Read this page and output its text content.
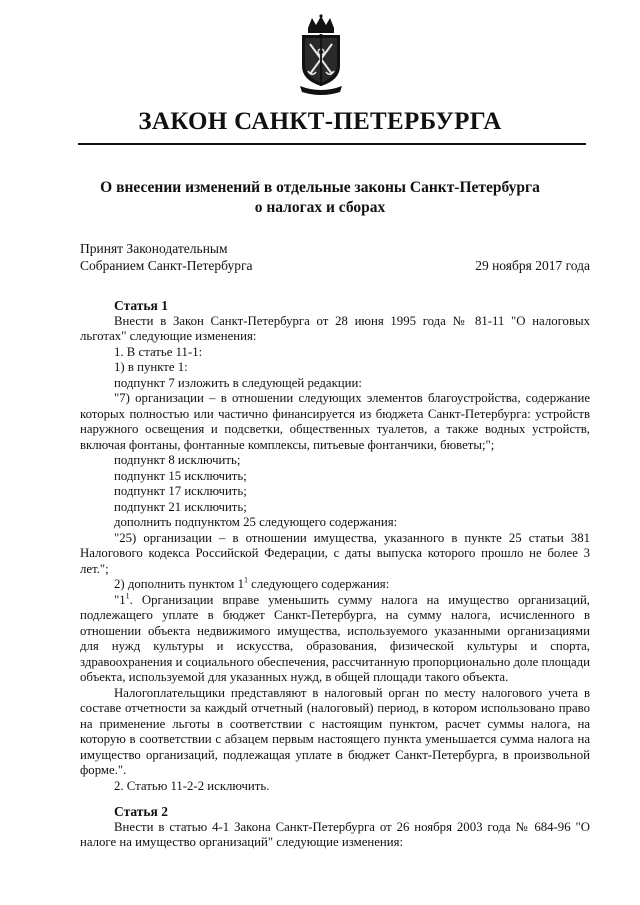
ЗАКОН САНКТ-ПЕТЕРБУРГА
О внесении изменений в отдельные законы Санкт-Петербурга
о налогах и сборах
Принят Законодательным
Собранием Санкт-Петербурга	29 ноября 2017 года

Статья 1

Внести в Закон Санкт-Петербурга от 28 июня 1995 года № 81-11 "О налоговых льготах" следующие изменения:

1. В статье 11-1:

1) в пункте 1:

подпункт 7 изложить в следующей редакции:

"7) организации – в отношении следующих элементов благоустройства, содержание которых полностью или частично финансируется из бюджета Санкт-Петербурга: устройств наружного освещения и подсветки, общественных туалетов, а также водных устройств, включая фонтаны, фонтанные комплексы, питьевые фонтанчики, бюветы;";

подпункт 8 исключить;

подпункт 15 исключить;

подпункт 17 исключить;

подпункт 21 исключить;

дополнить подпунктом 25 следующего содержания:

"25) организации – в отношении имущества, указанного в пункте 25 статьи 381 Налогового кодекса Российской Федерации, с даты выпуска которого прошло не более 3 лет.";

2) дополнить пунктом $1^1$ следующего содержания:

"$1^1$. Организации вправе уменьшить сумму налога на имущество организаций, подлежащего уплате в бюджет Санкт-Петербурга, на сумму налога, исчисленного в отношении объекта недвижимого имущества, используемого указанными организациями для нужд культуры и искусства, образования, физической культуры и спорта, здравоохранения и социального обеспечения, рассчитанную пропорционально доле площади объекта, используемой для указанных нужд, в общей площади такого объекта.

Налогоплательщики представляют в налоговый орган по месту налогового учета в составе отчетности за каждый отчетный (налоговый) период, в котором использовано право на применение льготы в соответствии с настоящим пунктом, расчет суммы налога, на которую в соответствии с абзацем первым настоящего пункта уменьшается сумма налога на имущество организаций, подлежащая уплате в бюджет Санкт-Петербурга, в произвольной форме.".

2. Статью 11-2-2 исключить.

Статья 2

Внести в статью 4-1 Закона Санкт-Петербурга от 26 ноября 2003 года № 684-96 "О налоге на имущество организаций" следующие изменения:
